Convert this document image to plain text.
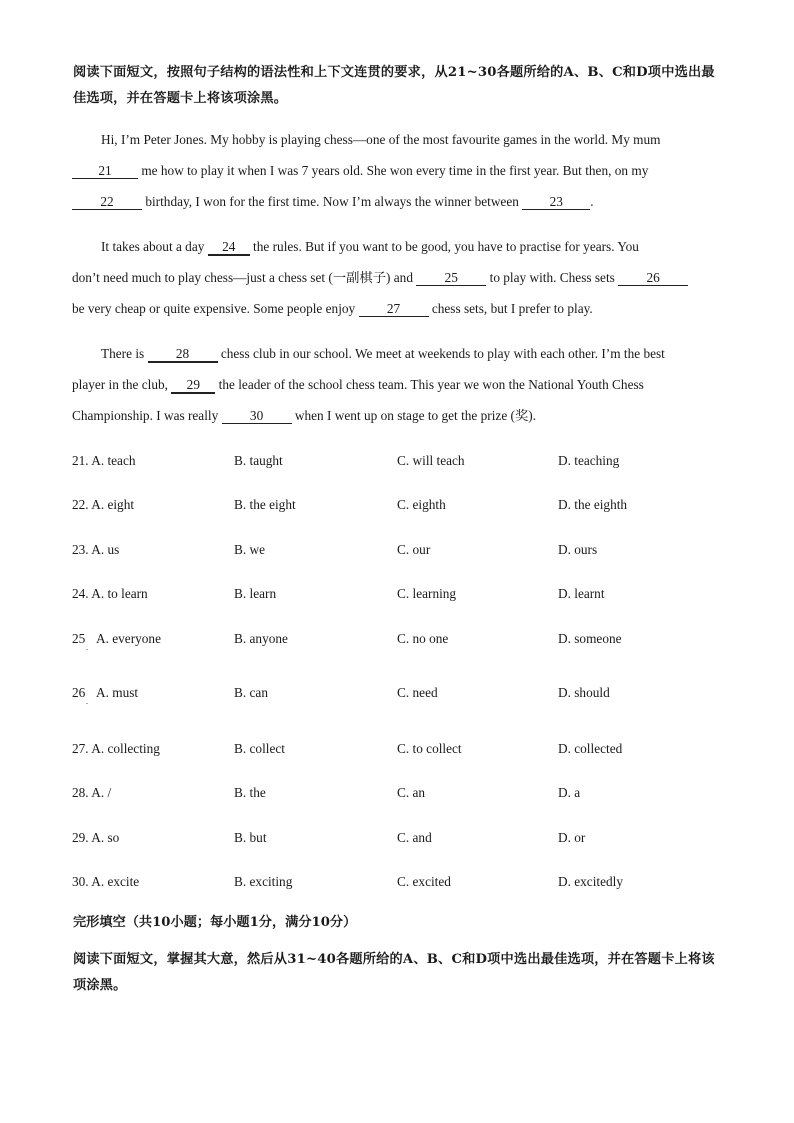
阅读下面短文，按照句子结构的语法性和上下文连贯的要求，从21~30各题所给的A、B、C和D项中选出最佳选项，并在答题卡上将该项涂黑。
Hi, I’m Peter Jones. My hobby is playing chess—one of the most favourite games in the world. My mum
21 me how to play it when I was 7 years old. She won every time in the first year. But then, on my
22 birthday, I won for the first time. Now I’m always the winner between 23 .
It takes about a day 24 the rules. But if you want to be good, you have to practise for years. You
don’t need much to play chess—just a chess set (一副棋子) and 25 to play with. Chess sets 26
be very cheap or quite expensive. Some people enjoy 27 chess sets, but I prefer to play.
There is 28 chess club in our school. We meet at weekends to play with each other. I’m the best
player in the club, 29 the leader of the school chess team. This year we won the National Youth Chess
Championship. I was really 30 when I went up on stage to get the prize (奖).
21. A. teach	B. taught	C. will teach	D. teaching
22. A. eight	B. the eight	C. eighth	D. the eighth
23. A. us	B. we	C. our	D. ours
24. A. to learn	B. learn	C. learning	D. learnt
25
.
A. everyone	B. anyone	C. no one	D. someone
26
.
A. must	B. can	C. need	D. should
27. A. collecting	B. collect	C. to collect	D. collected
28. A. /	B. the	C. an	D. a
29. A. so	B. but	C. and	D. or
30. A. excite	B. exciting	C. excited	D. excitedly
完形填空（共10小题；每小题1分，满分10分）
阅读下面短文，掌握其大意，然后从31~40各题所给的A、B、C和D项中选出最佳选项，并在答题卡上将该项涂黑。
